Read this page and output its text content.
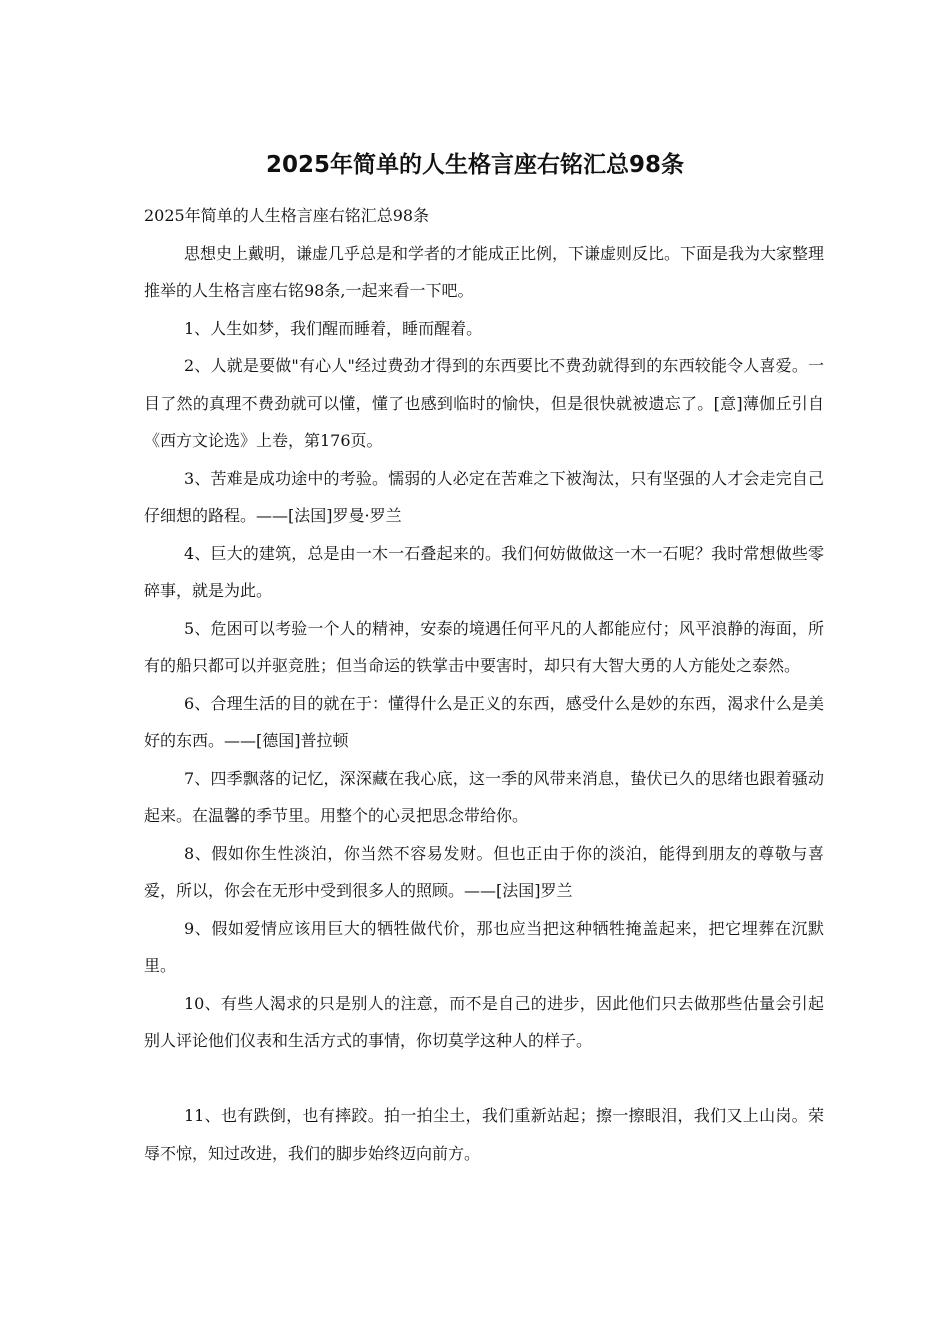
2025年简单的人生格言座右铭汇总98条

2025年简单的人生格言座右铭汇总98条

思想史上戴明，谦虚几乎总是和学者的才能成正比例，下谦虚则反比。下面是我为大家整理推举的人生格言座右铭98条,一起来看一下吧。

1、人生如梦，我们醒而睡着，睡而醒着。

2、人就是要做"有心人"经过费劲才得到的东西要比不费劲就得到的东西较能令人喜爱。一目了然的真理不费劲就可以懂，懂了也感到临时的愉快，但是很快就被遗忘了。[意]薄伽丘引自《西方文论选》上卷，第176页。

3、苦难是成功途中的考验。懦弱的人必定在苦难之下被淘汰，只有坚强的人才会走完自己仔细想的路程。——[法国]罗曼·罗兰

4、巨大的建筑，总是由一木一石叠起来的。我们何妨做做这一木一石呢？我时常想做些零碎事，就是为此。

5、危困可以考验一个人的精神，安泰的境遇任何平凡的人都能应付；风平浪静的海面，所有的船只都可以并驱竞胜；但当命运的铁掌击中要害时，却只有大智大勇的人方能处之泰然。

6、合理生活的目的就在于：懂得什么是正义的东西，感受什么是妙的东西，渴求什么是美好的东西。——[德国]普拉顿

7、四季飘落的记忆，深深藏在我心底，这一季的风带来消息，蛰伏已久的思绪也跟着骚动起来。在温馨的季节里。用整个的心灵把思念带给你。

8、假如你生性淡泊，你当然不容易发财。但也正由于你的淡泊，能得到朋友的尊敬与喜爱，所以，你会在无形中受到很多人的照顾。——[法国]罗兰

9、假如爱情应该用巨大的牺牲做代价，那也应当把这种牺牲掩盖起来，把它埋葬在沉默里。

10、有些人渴求的只是别人的注意，而不是自己的进步，因此他们只去做那些估量会引起别人评论他们仪表和生活方式的事情，你切莫学这种人的样子。

11、也有跌倒，也有摔跤。拍一拍尘土，我们重新站起；擦一擦眼泪，我们又上山岗。荣辱不惊，知过改进，我们的脚步始终迈向前方。
